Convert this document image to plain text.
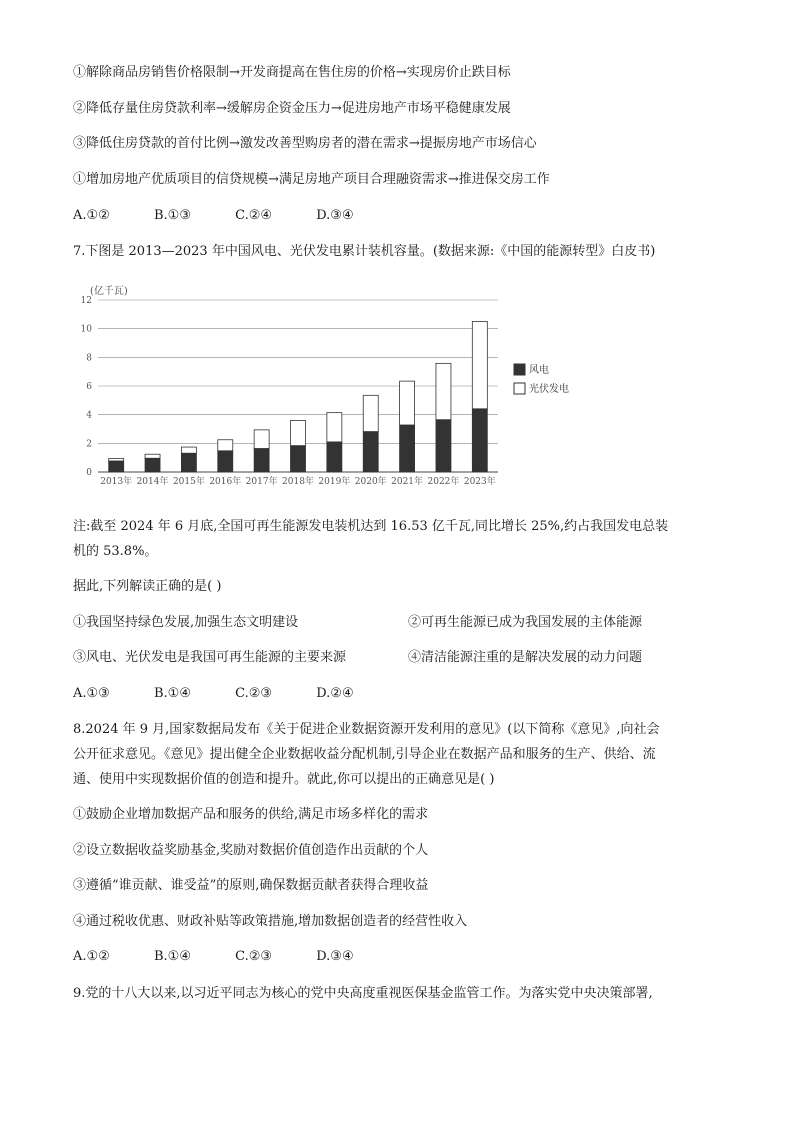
①解除商品房销售价格限制→开发商提高在售住房的价格→实现房价止跌目标
②降低存量住房贷款利率→缓解房企资金压力→促进房地产市场平稳健康发展
③降低住房贷款的首付比例→激发改善型购房者的潜在需求→提振房地产市场信心
①增加房地产优质项目的信贷规模→满足房地产项目合理融资需求→推进保交房工作
A.①②	B.①③	C.②④	D.③④
7.下图是 2013—2023 年中国风电、光伏发电累计装机容量。(数据来源:《中国的能源转型》白皮书)
(亿千瓦)
0
2
4
6
8
10
12
2013年 2014年 2015年 2016年 2017年 2018年 2019年 2020年 2021年 2022年 2023年
风电
光伏发电
注:截至 2024 年 6 月底,全国可再生能源发电装机达到 16.53 亿千瓦,同比增长 25%,约占我国发电总装
机的 53.8%。
据此,下列解读正确的是( )
①我国坚持绿色发展,加强生态文明建设	②可再生能源已成为我国发展的主体能源
③风电、光伏发电是我国可再生能源的主要来源	④清洁能源注重的是解决发展的动力问题
A.①③	B.①④	C.②③	D.②④
8.2024 年 9 月,国家数据局发布《关于促进企业数据资源开发利用的意见》(以下简称《意见》,向社会
公开征求意见。《意见》提出健全企业数据收益分配机制,引导企业在数据产品和服务的生产、供给、流
通、使用中实现数据价值的创造和提升。就此,你可以提出的正确意见是( )
①鼓励企业增加数据产品和服务的供给,满足市场多样化的需求
②设立数据收益奖励基金,奖励对数据价值创造作出贡献的个人
③遵循“谁贡献、谁受益”的原则,确保数据贡献者获得合理收益
④通过税收优惠、财政补贴等政策措施,增加数据创造者的经营性收入
A.①②	B.①④	C.②③	D.③④
9.党的十八大以来,以习近平同志为核心的党中央高度重视医保基金监管工作。为落实党中央决策部署,
